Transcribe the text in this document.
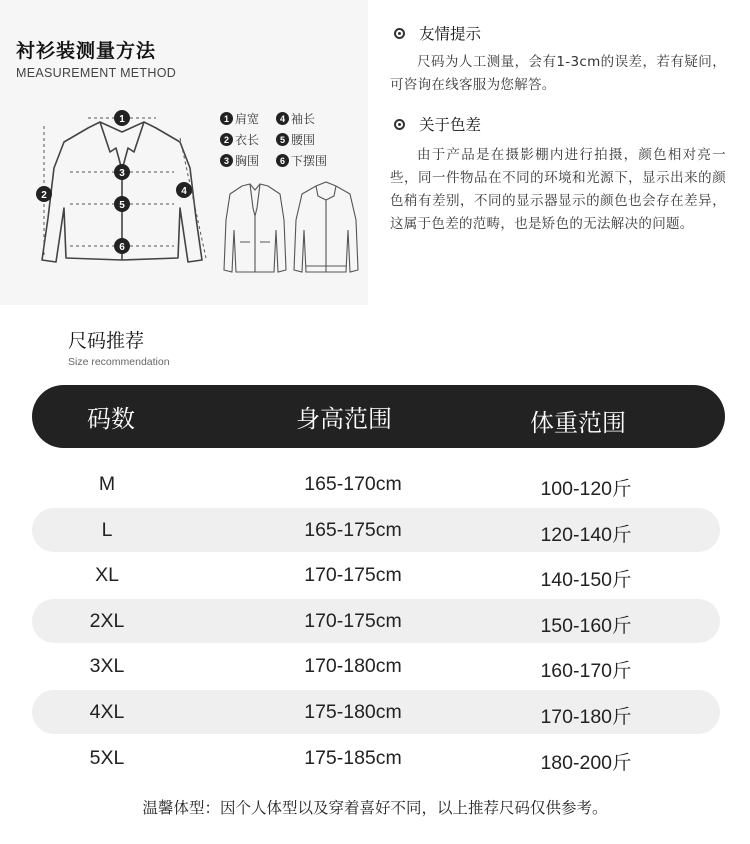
衬衫装测量方法
MEASUREMENT METHOD
1
2
3
4
5
6
1 肩宽	4 袖长
2 衣长	5 腰围
3 胸围	6 下摆围
友情提示
尺码为人工测量，会有1-3cm的误差，若有疑问，可咨询在线客服为您解答。
关于色差
由于产品是在摄影棚内进行拍摄，颜色相对亮一些，同一件物品在不同的环境和光源下，显示出来的颜色稍有差别，不同的显示器显示的颜色也会存在差异，这属于色差的范畴，也是矫色的无法解决的问题。
尺码推荐
Size recommendation
码数	身高范围	体重范围
M	165-170cm	100-120斤
L	165-175cm	120-140斤
XL	170-175cm	140-150斤
2XL	170-175cm	150-160斤
3XL	170-180cm	160-170斤
4XL	175-180cm	170-180斤
5XL	175-185cm	180-200斤
温馨体型：因个人体型以及穿着喜好不同，以上推荐尺码仅供参考。
